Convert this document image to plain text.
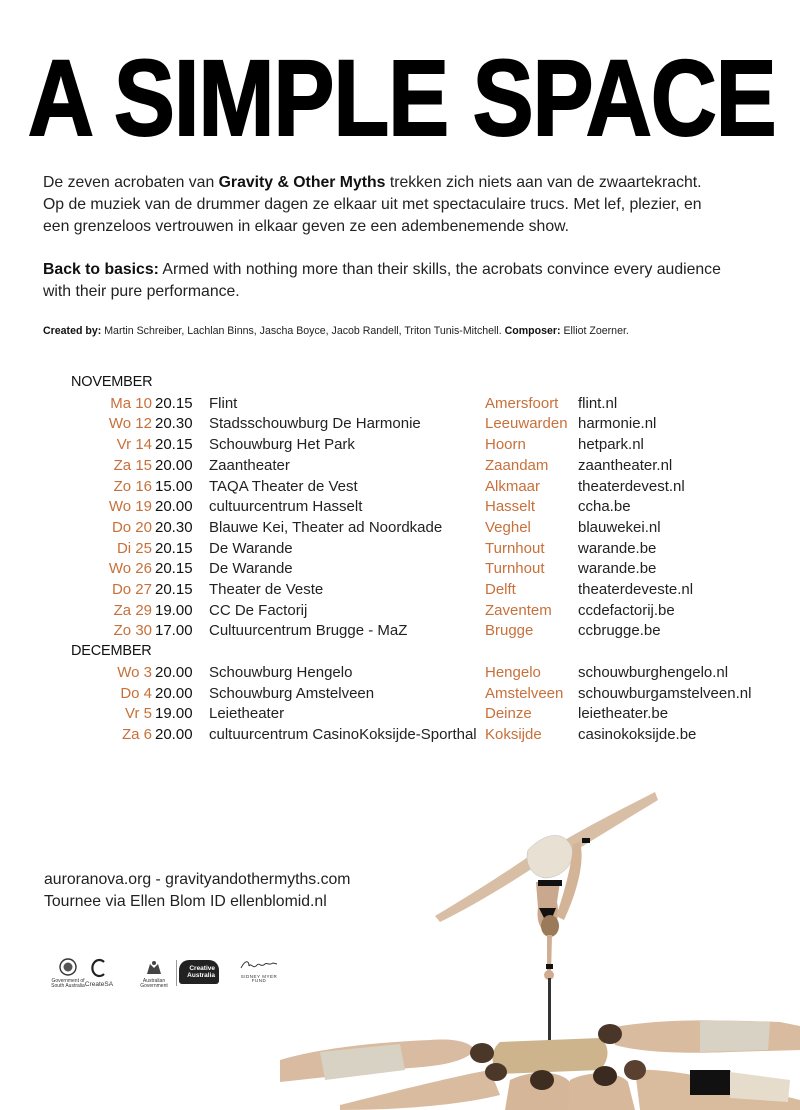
A SIMPLE SPACE

De zeven acrobaten van Gravity & Other Myths trekken zich niets aan van de zwaartekracht.
Op de muziek van de drummer dagen ze elkaar uit met spectaculaire trucs. Met lef, plezier, en
een grenzeloos vertrouwen in elkaar geven ze een adembenemende show.

Back to basics: Armed with nothing more than their skills, the acrobats convince every audience
with their pure performance.

Created by: Martin Schreiber, Lachlan Binns, Jascha Boyce, Jacob Randell, Triton Tunis-Mitchell. Composer: Elliot Zoerner.

NOVEMBER
Ma 10 20.15 Flint	Amersfoort flint.nl
Wo 12 20.30 Stadsschouwburg De Harmonie	Leeuwarden harmonie.nl
Vr 14 20.15 Schouwburg Het Park	Hoorn	hetpark.nl
Za 15 20.00 Zaantheater	Zaandam zaantheater.nl
Zo 16 15.00 TAQA Theater de Vest	Alkmaar	theaterdevest.nl
Wo 19 20.00 cultuurcentrum Hasselt	Hasselt	ccha.be
Do 20 20.30 Blauwe Kei, Theater ad Noordkade	Veghel	blauwekei.nl
Di 25 20.15 De Warande	Turnhout warande.be
Wo 26 20.15 De Warande	Turnhout warande.be
Do 27 20.15 Theater de Veste	Delft	theaterdeveste.nl
Za 29 19.00 CC De Factorij	Zaventem ccdefactorij.be
Zo 30 17.00 Cultuurcentrum Brugge - MaZ	Brugge	ccbrugge.be
DECEMBER
Wo 3 20.00 Schouwburg Hengelo	Hengelo schouwburghengelo.nl
Do 4 20.00 Schouwburg Amstelveen	Amstelveen schouwburgamstelveen.nl
Vr 5 19.00 Leietheater	Deinze	leietheater.be
Za 6 20.00 cultuurcentrum CasinoKoksijde-Sporthal Koksijde casinokoksijde.be
auroranova.org - gravityandothermyths.com
Tournee via Ellen Blom ID ellenblomid.nl
Government of South Australia CreateSA	Australian Government
Creative Australia	SIDNEY MYER FUND
